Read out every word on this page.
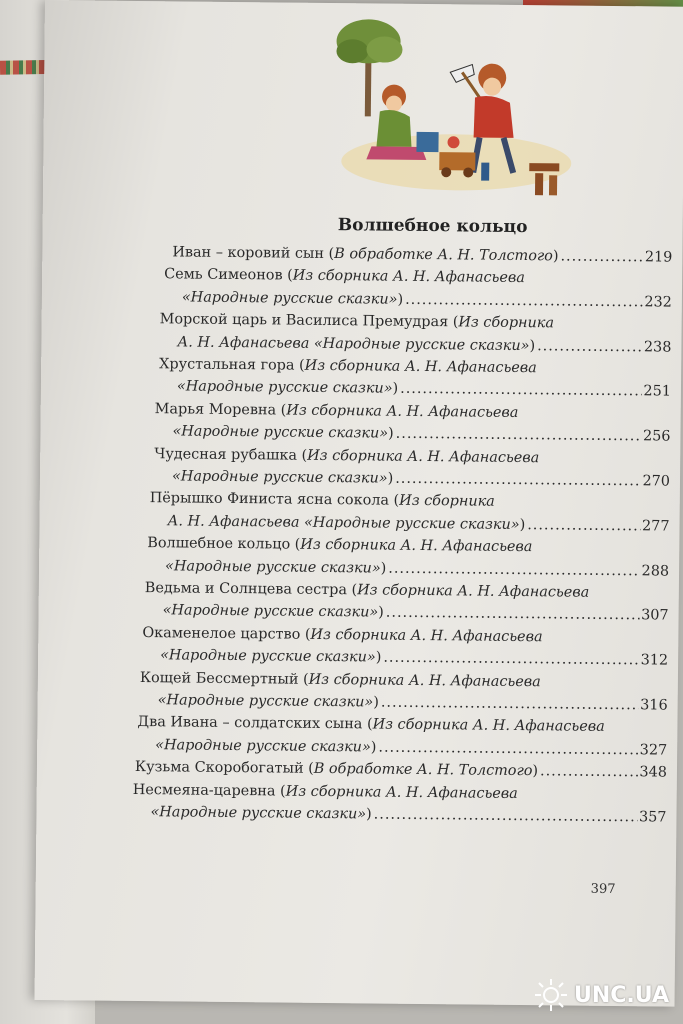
Волшебное кольцо
Иван – коровий сын ( В обработке А. Н. Толстого ) .....	219
Семь Симеонов (Из сборника А. Н. Афанасьева
«Народные русские сказки» ) .....	232
Морской царь и Василиса Премудрая (Из сборника
А. Н. Афанасьева «Народные русские сказки» ) .....	238
Хрустальная гора (Из сборника А. Н. Афанасьева
«Народные русские сказки» ) .....	251
Марья Моревна (Из сборника А. Н. Афанасьева
«Народные русские сказки» ) .....	256
Чудесная рубашка (Из сборника А. Н. Афанасьева
«Народные русские сказки» ) .....	270
Пёрышко Финиста ясна сокола (Из сборника
А. Н. Афанасьева «Народные русские сказки» ) .....	277
Волшебное кольцо (Из сборника А. Н. Афанасьева
«Народные русские сказки» ) .....	288
Ведьма и Солнцева сестра (Из сборника А. Н. Афанасьева
«Народные русские сказки» ) .....	307
Окаменелое царство (Из сборника А. Н. Афанасьева
«Народные русские сказки» ) .....	312
Кощей Бессмертный (Из сборника А. Н. Афанасьева
«Народные русские сказки» ) .....	316
Два Ивана – солдатских сына (Из сборника А. Н. Афанасьева
«Народные русские сказки» ) .....	327
Кузьма Скоробогатый ( В обработке А. Н. Толстого ) .....	348
Несмеяна-царевна (Из сборника А. Н. Афанасьева
«Народные русские сказки» ) .....	357
397
UNC.UA
